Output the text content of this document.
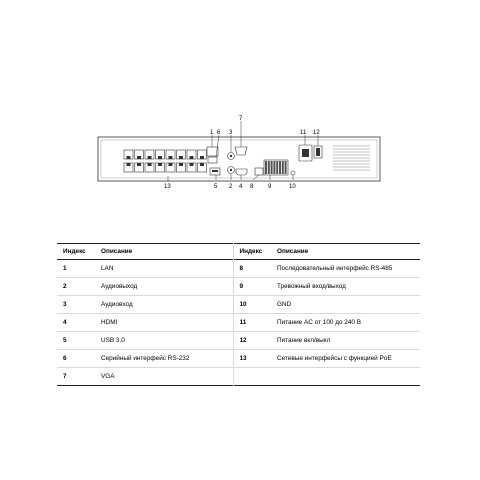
1 6 3
7
11 12
13	5 2 4 8 9	10
Индекс	Описание	Индекс	Описание
1	LAN	8	Последовательный интерфейс RS-485
2	Аудиовыход	9	Тревожный вход/выход
3	Аудиовход	10	GND
4	HDMI	11	Питание AC от 100 до 240 В
5	USB 3.0	12	Питание вкл/выкл
6	Серийный интерфейс RS-232	13	Сетевые интерфейсы с функцией PoE
7	VGA		
